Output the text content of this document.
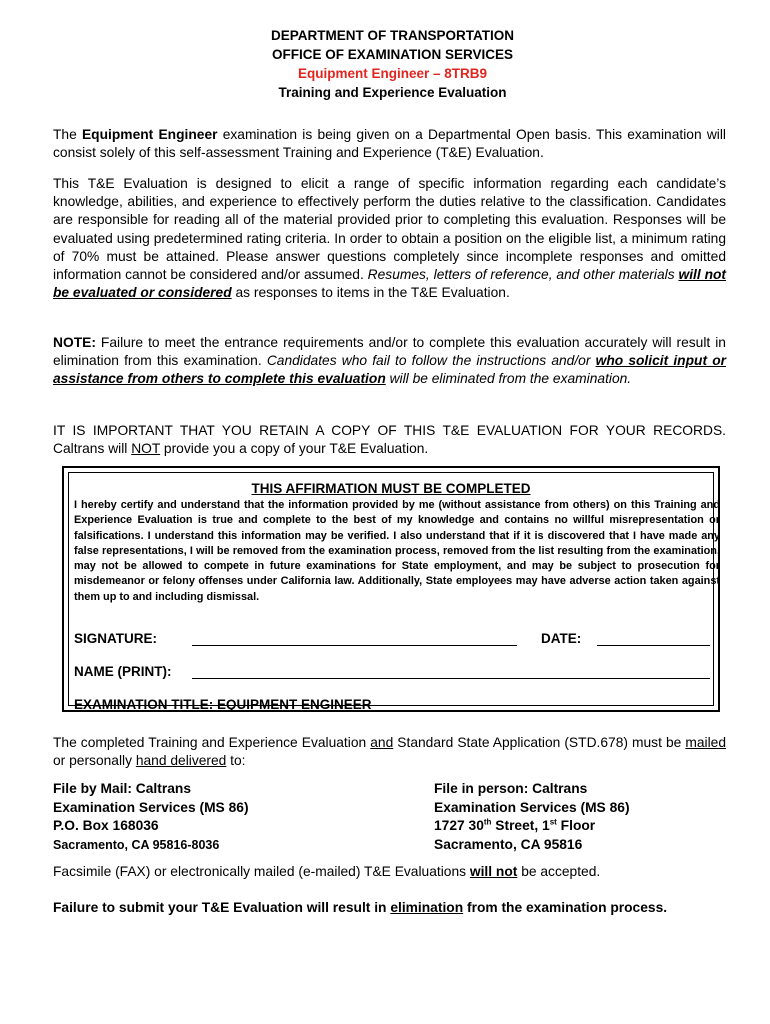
DEPARTMENT OF TRANSPORTATION
OFFICE OF EXAMINATION SERVICES
Equipment Engineer – 8TRB9
Training and Experience Evaluation
The Equipment Engineer examination is being given on a Departmental Open basis. This examination will consist solely of this self-assessment Training and Experience (T&E) Evaluation.
This T&E Evaluation is designed to elicit a range of specific information regarding each candidate’s knowledge, abilities, and experience to effectively perform the duties relative to the classification. Candidates are responsible for reading all of the material provided prior to completing this evaluation. Responses will be evaluated using predetermined rating criteria. In order to obtain a position on the eligible list, a minimum rating of 70% must be attained. Please answer questions completely since incomplete responses and omitted information cannot be considered and/or assumed. Resumes, letters of reference, and other materials will not be evaluated or considered as responses to items in the T&E Evaluation.
NOTE: Failure to meet the entrance requirements and/or to complete this evaluation accurately will result in elimination from this examination. Candidates who fail to follow the instructions and/or who solicit input or assistance from others to complete this evaluation will be eliminated from the examination.
IT IS IMPORTANT THAT YOU RETAIN A COPY OF THIS T&E EVALUATION FOR YOUR RECORDS. Caltrans will NOT provide you a copy of your T&E Evaluation.
THIS AFFIRMATION MUST BE COMPLETED
I hereby certify and understand that the information provided by me (without assistance from others) on this Training and Experience Evaluation is true and complete to the best of my knowledge and contains no willful misrepresentation or falsifications. I understand this information may be verified. I also understand that if it is discovered that I have made any false representations, I will be removed from the examination process, removed from the list resulting from the examination, may not be allowed to compete in future examinations for State employment, and may be subject to prosecution for misdemeanor or felony offenses under California law. Additionally, State employees may have adverse action taken against them up to and including dismissal.
SIGNATURE:	DATE:
NAME (PRINT):
EXAMINATION TITLE: EQUIPMENT ENGINEER
The completed Training and Experience Evaluation and Standard State Application (STD.678) must be mailed or personally hand delivered to:
File by Mail: Caltrans
Examination Services (MS 86)
P.O. Box 168036
Sacramento, CA 95816-8036
File in person: Caltrans
Examination Services (MS 86)
1727 30th Street, 1st Floor
Sacramento, CA 95816
Facsimile (FAX) or electronically mailed (e-mailed) T&E Evaluations will not be accepted.
Failure to submit your T&E Evaluation will result in elimination from the examination process.
